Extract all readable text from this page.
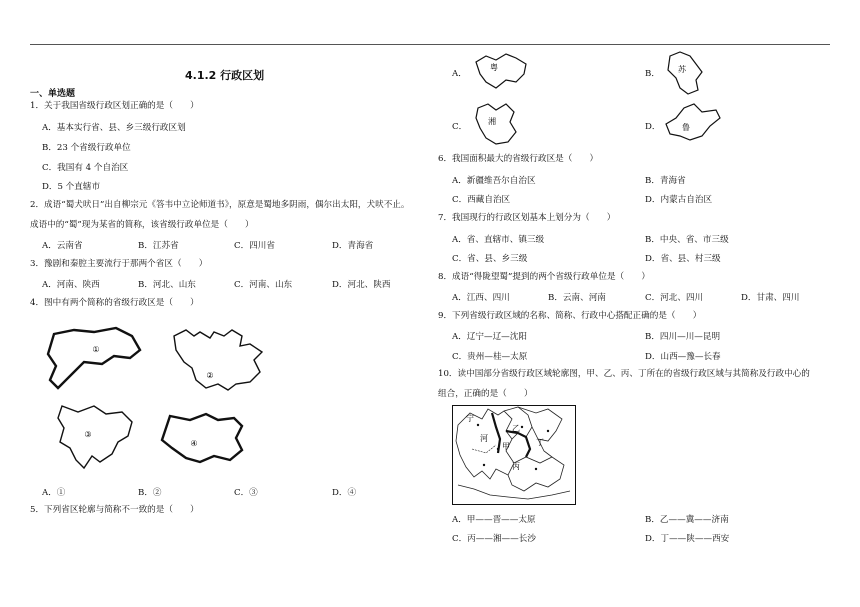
4.1.2 行政区划
一、单选题
1．关于我国省级行政区划正确的是（　　）
A．基本实行省、县、乡三级行政区划
B．23 个省级行政单位
C．我国有 4 个自治区
D．5 个直辖市
2．成语“蜀犬吠日”出自柳宗元《答韦中立论师道书》，原意是蜀地多阴雨，偶尔出太阳，犬吠不止。
成语中的“蜀”现为某省的简称，该省级行政单位是（　　）
A．云南省	B．江苏省	C．四川省	D．青海省
3．豫剧和秦腔主要流行于那两个省区（　　）
A．河南、陕西	B．河北、山东	C．河南、山东	D．河北、陕西
4．图中有两个简称的省级行政区是（　　）
①
②
③
④
A．①	B．②	C．③	D．④
5．下列省区轮廓与简称不一致的是（　　）
A．
粤
B． 苏
C．
湘
D．	鲁
6．我国面积最大的省级行政区是（　　）
A．新疆维吾尔自治区	B．青海省
C．西藏自治区	D．内蒙古自治区
7．我国现行的行政区划基本上划分为（　　）
A．省、直辖市、镇三级	B．中央、省、市三级
C．省、县、乡三级	D．省、县、村三级
8．成语“得陇望蜀”提到的两个省级行政单位是（　　）
A．江西、四川	B．云南、河南	C．河北、四川	D．甘肃、四川
9．下列省级行政区域的名称、简称、行政中心搭配正确的是（　　）
A．辽宁—辽—沈阳	B．四川—川—昆明
C．贵州—桂—太原	D．山西—豫—长春
10．读中国部分省级行政区域轮廓图，甲、乙、丙、丁所在的省级行政区域与其简称及行政中心的
组合，正确的是（　　）
宁
甲
乙
丁
丙
河
A．甲——晋——太原	B．乙——冀——济南
C．丙——湘——长沙	D．丁——陕——西安
